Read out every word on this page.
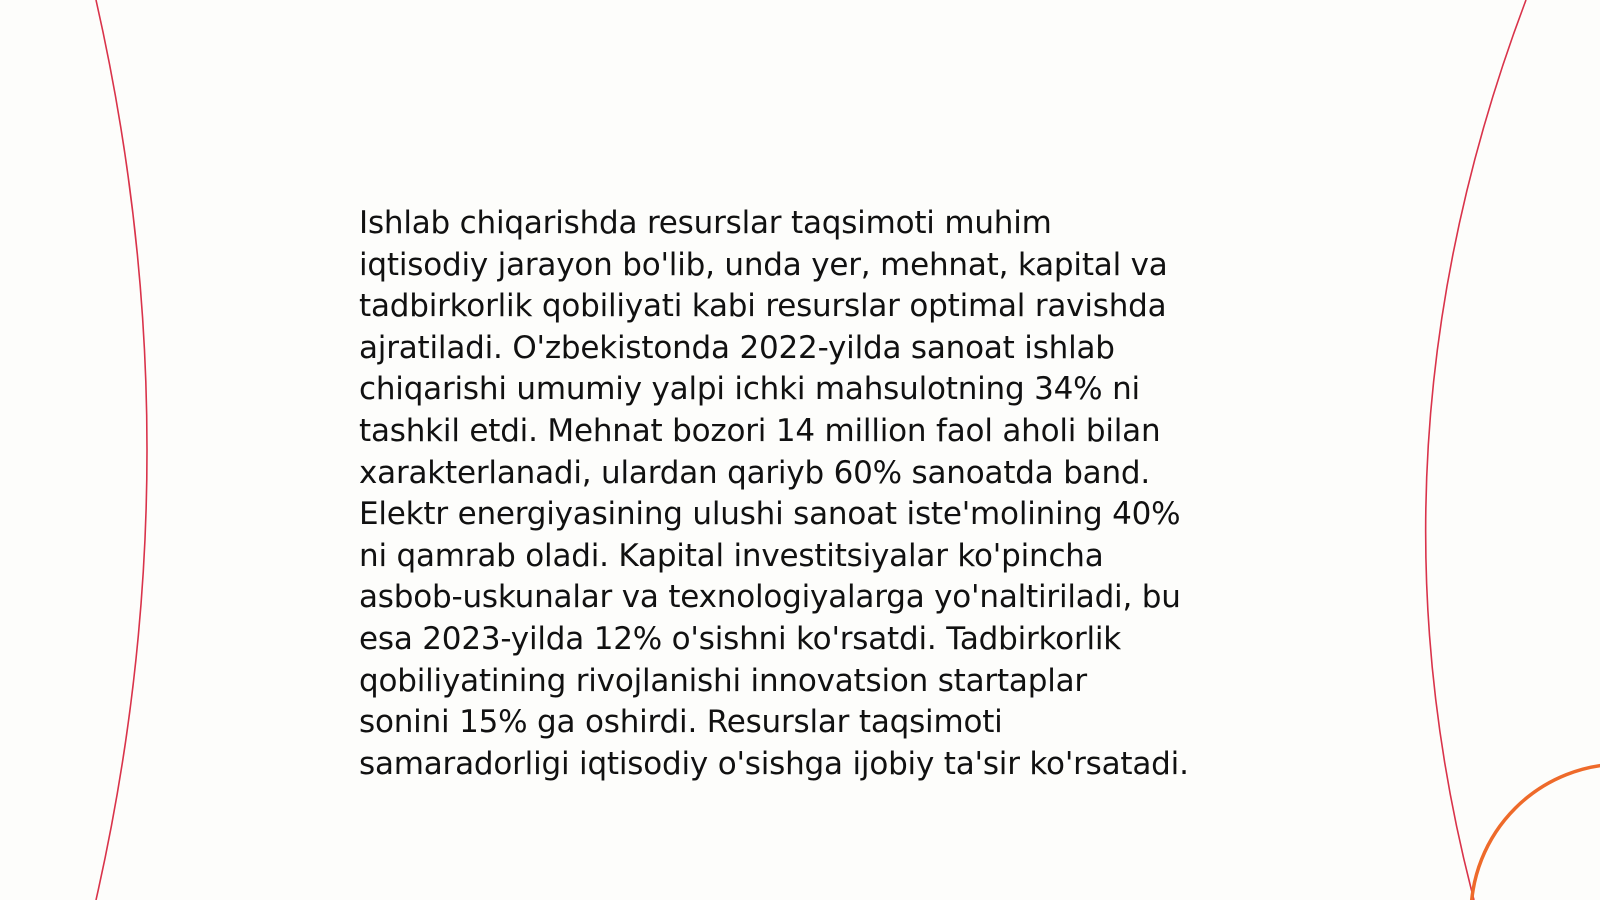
Ishlab chiqarishda resurslar taqsimoti muhim
iqtisodiy jarayon bo'lib, unda yer, mehnat, kapital va
tadbirkorlik qobiliyati kabi resurslar optimal ravishda
ajratiladi. O'zbekistonda 2022-yilda sanoat ishlab
chiqarishi umumiy yalpi ichki mahsulotning 34% ni
tashkil etdi. Mehnat bozori 14 million faol aholi bilan
xarakterlanadi, ulardan qariyb 60% sanoatda band.
Elektr energiyasining ulushi sanoat iste'molining 40%
ni qamrab oladi. Kapital investitsiyalar ko'pincha
asbob-uskunalar va texnologiyalarga yo'naltiriladi, bu
esa 2023-yilda 12% o'sishni ko'rsatdi. Tadbirkorlik
qobiliyatining rivojlanishi innovatsion startaplar
sonini 15% ga oshirdi. Resurslar taqsimoti
samaradorligi iqtisodiy o'sishga ijobiy ta'sir ko'rsatadi.
